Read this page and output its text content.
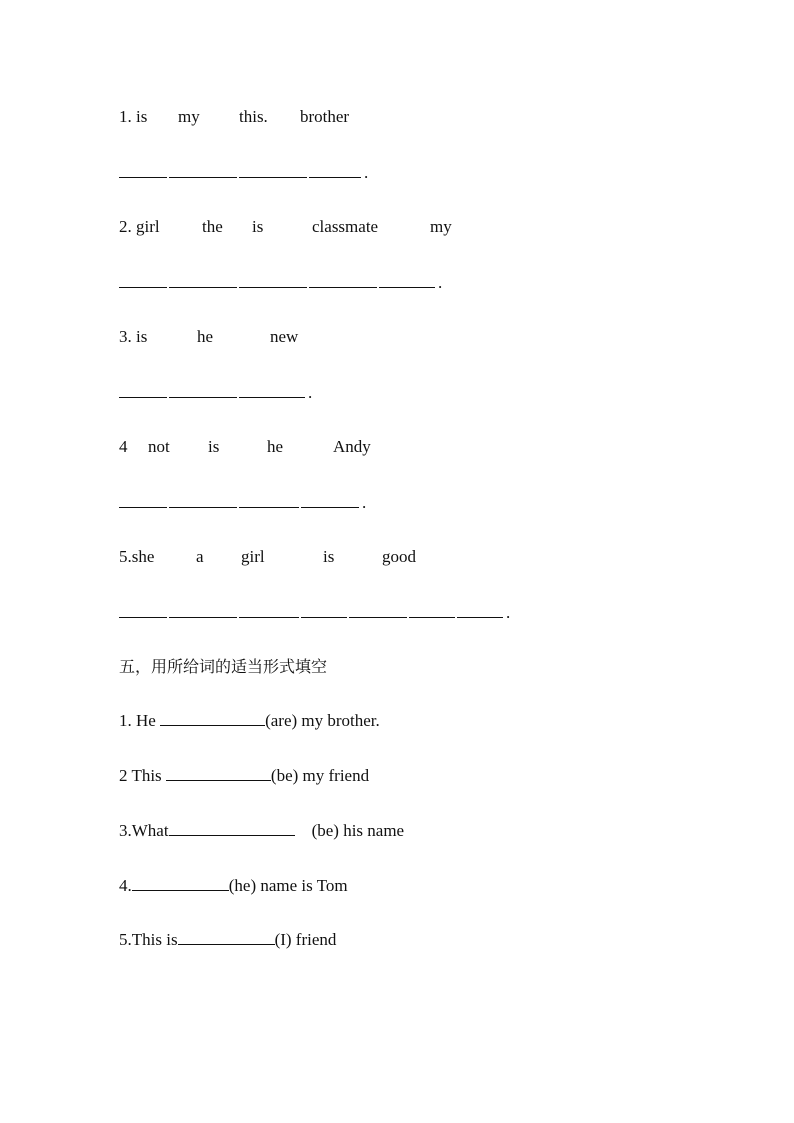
1. is my this. brother
.
2. girl the is	classmate	my
.
3. is	he	new
.
4 not is	he	Andy
.
5.she a girl	is	good
.
五，用所给词的适当形式填空
1. He	(are) my brother.
2 This	(be) my friend
3.What	(be) his name
4.	(he) name is Tom
5.This is	(I) friend
